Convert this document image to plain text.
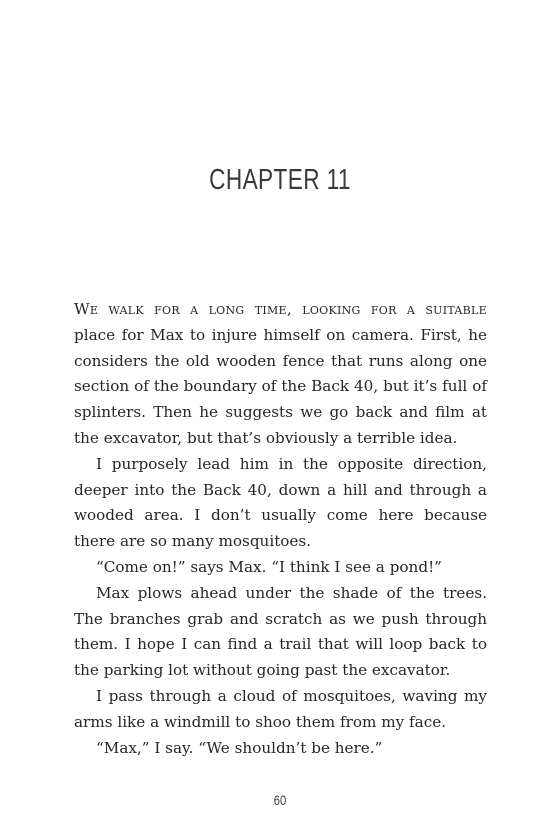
CHAPTER 11

We walk for a long time, looking for a suitable place for Max to injure himself on camera. First, he considers the old wooden fence that runs along one section of the boundary of the Back 40, but it’s full of splinters. Then he suggests we go back and film at the excavator, but that’s obviously a terrible idea.

I purposely lead him in the opposite direction, deeper into the Back 40, down a hill and through a wooded area. I don’t usually come here because there are so many mosquitoes.

“Come on!” says Max. “I think I see a pond!”

Max plows ahead under the shade of the trees. The branches grab and scratch as we push through them. I hope I can find a trail that will loop back to the parking lot without going past the excavator.

I pass through a cloud of mosquitoes, waving my arms like a windmill to shoo them from my face.

“Max,” I say. “We shouldn’t be here.”

60
